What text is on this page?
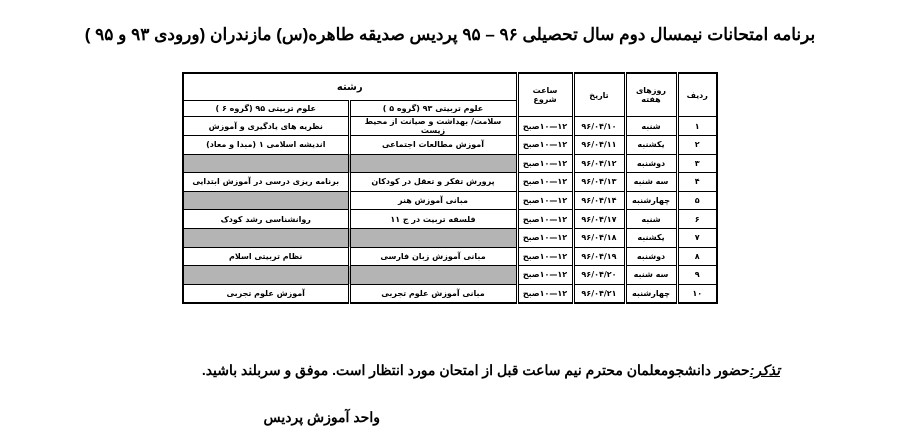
برنامه امتحانات نیمسال دوم سال تحصیلی ۹۶ – ۹۵ پردیس صدیقه طاهره(س) مازندران (ورودی ۹۳ و ۹۵ )
ردیف	روزهای هفته	تاریخ	ساعت شروع	رشته	
				علوم تربیتی ۹۳ (گروه ۵ )	علوم تربیتی ۹۵ (گروه ۶ )
۱	شنبه	۹۶/۰۴/۱۰	۱۲—۱۰صبح	سلامت/ بهداشت و صیانت از محیط زیست	نظریه های یادگیری و آموزش
۲	یکشنبه	۹۶/۰۴/۱۱	۱۲—۱۰صبح	آموزش مطالعات اجتماعی	اندیشه اسلامی ۱ (مبدا و معاد)
۳	دوشنبه	۹۶/۰۴/۱۲	۱۲—۱۰صبح		
۴	سه شنبه	۹۶/۰۴/۱۳	۱۲—۱۰صبح	پرورش تفکر و تعقل در کودکان	برنامه ریزی درسی در آموزش ابتدایی
۵	چهارشنبه	۹۶/۰۴/۱۴	۱۲—۱۰صبح	مبانی آموزش هنر	
۶	شنبه	۹۶/۰۴/۱۷	۱۲—۱۰صبح	فلسفه تربیت در ج ۱۱	روانشناسی رشد کودک
۷	یکشنبه	۹۶/۰۴/۱۸	۱۲—۱۰صبح		
۸	دوشنبه	۹۶/۰۴/۱۹	۱۲—۱۰صبح	مبانی آموزش زبان فارسی	نظام تربیتی اسلام
۹	سه شنبه	۹۶/۰۴/۲۰	۱۲—۱۰صبح		
۱۰	چهارشنبه	۹۶/۰۴/۲۱	۱۲—۱۰صبح	مبانی آموزش علوم تجربی	آموزش علوم تجربی
تذکر:حضور دانشجومعلمان محترم نیم ساعت قبل از امتحان مورد انتظار است. موفق و سربلند باشید.
واحد آموزش پردیس
